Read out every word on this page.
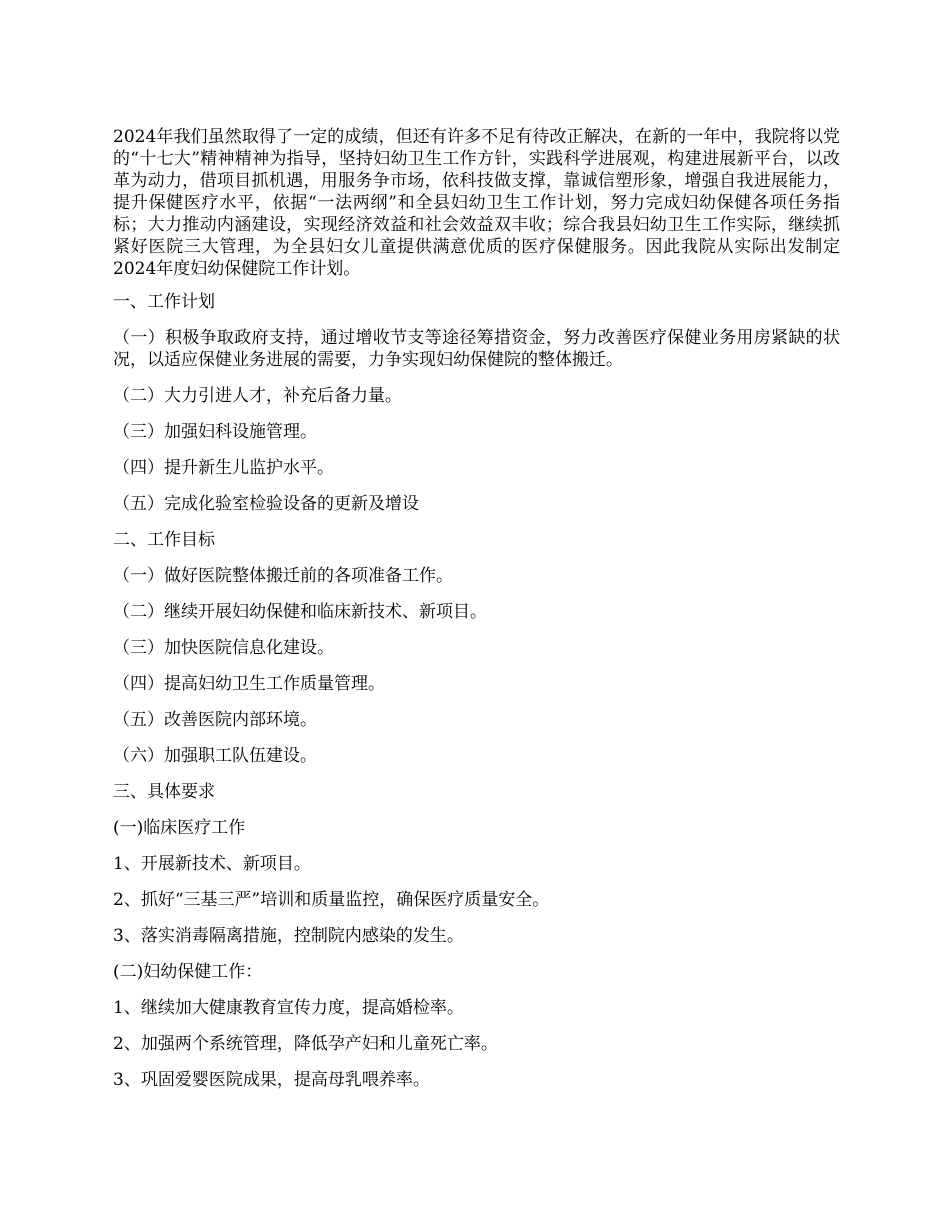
2024年我们虽然取得了一定的成绩，但还有许多不足有待改正解决，在新的一年中，我院将以党的“十七大”精神精神为指导，坚持妇幼卫生工作方针，实践科学进展观，构建进展新平台，以改革为动力，借项目抓机遇，用服务争市场，依科技做支撑，靠诚信塑形象，增强自我进展能力，提升保健医疗水平，依据“一法两纲”和全县妇幼卫生工作计划，努力完成妇幼保健各项任务指标；大力推动内涵建设，实现经济效益和社会效益双丰收；综合我县妇幼卫生工作实际，继续抓紧好医院三大管理，为全县妇女儿童提供满意优质的医疗保健服务。因此我院从实际出发制定2024年度妇幼保健院工作计划。

一、工作计划

（一）积极争取政府支持，通过增收节支等途径筹措资金，努力改善医疗保健业务用房紧缺的状况，以适应保健业务进展的需要，力争实现妇幼保健院的整体搬迁。

（二）大力引进人才，补充后备力量。

（三）加强妇科设施管理。

（四）提升新生儿监护水平。

（五）完成化验室检验设备的更新及增设

二、工作目标

（一）做好医院整体搬迁前的各项准备工作。

（二）继续开展妇幼保健和临床新技术、新项目。

（三）加快医院信息化建设。

（四）提高妇幼卫生工作质量管理。

（五）改善医院内部环境。

（六）加强职工队伍建设。

三、具体要求

(一)临床医疗工作

1、开展新技术、新项目。

2、抓好“三基三严”培训和质量监控，确保医疗质量安全。

3、落实消毒隔离措施，控制院内感染的发生。

(二)妇幼保健工作：

1、继续加大健康教育宣传力度，提高婚检率。

2、加强两个系统管理，降低孕产妇和儿童死亡率。

3、巩固爱婴医院成果，提高母乳喂养率。
